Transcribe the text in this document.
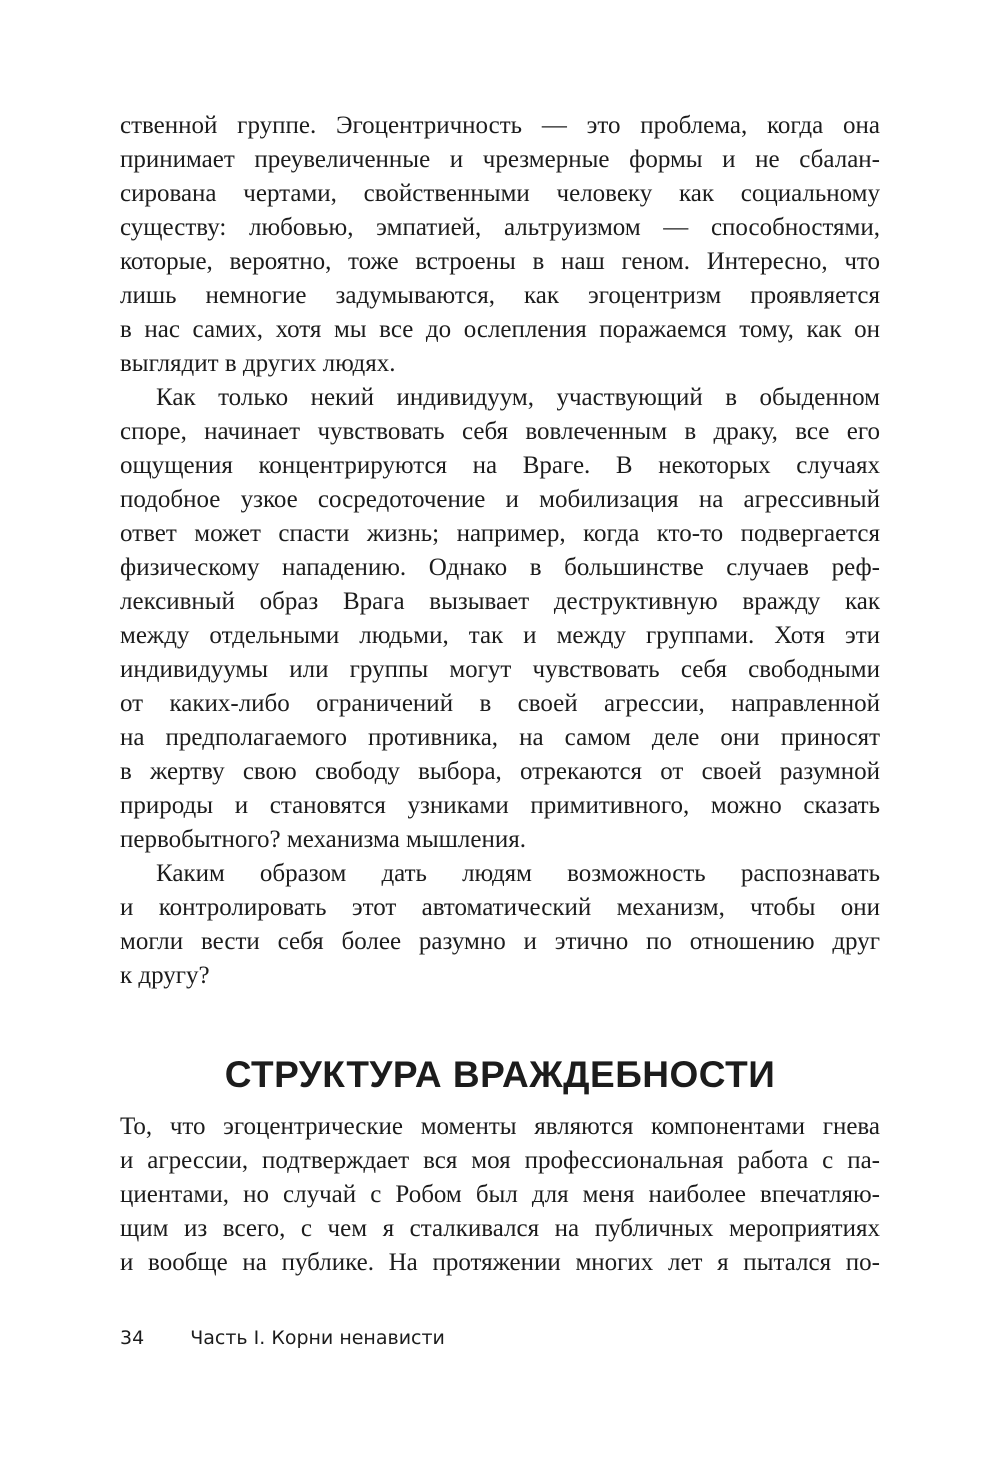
ственной группе. Эгоцентричность — это проблема, когда она
принимает преувеличенные и чрезмерные формы и не сбалан-
сирована чертами, свойственными человеку как социальному
существу: любовью, эмпатией, альтруизмом — способностями,
которые, вероятно, тоже встроены в наш геном. Интересно, что
лишь немногие задумываются, как эгоцентризм проявляется
в нас самих, хотя мы все до ослепления поражаемся тому, как он
выглядит в других людях.

Как только некий индивидуум, участвующий в обыденном
споре, начинает чувствовать себя вовлеченным в драку, все его
ощущения концентрируются на Враге. В некоторых случаях
подобное узкое сосредоточение и мобилизация на агрессивный
ответ может спасти жизнь; например, когда кто-то подвергается
физическому нападению. Однако в большинстве случаев реф-
лексивный образ Врага вызывает деструктивную вражду как
между отдельными людьми, так и между группами. Хотя эти
индивидуумы или группы могут чувствовать себя свободными
от каких-либо ограничений в своей агрессии, направленной
на предполагаемого противника, на самом деле они приносят
в жертву свою свободу выбора, отрекаются от своей разумной
природы и становятся узниками примитивного, можно сказать
первобытного? механизма мышления.

Каким образом дать людям возможность распознавать
и контролировать этот автоматический механизм, чтобы они
могли вести себя более разумно и этично по отношению друг
к другу?

СТРУКТУРА ВРАЖДЕБНОСТИ

То, что эгоцентрические моменты являются компонентами гнева
и агрессии, подтверждает вся моя профессиональная работа с па-
циентами, но случай с Робом был для меня наиболее впечатляю-
щим из всего, с чем я сталкивался на публичных мероприятиях
и вообще на публике. На протяжении многих лет я пытался по-

34 Часть I. Корни ненависти
